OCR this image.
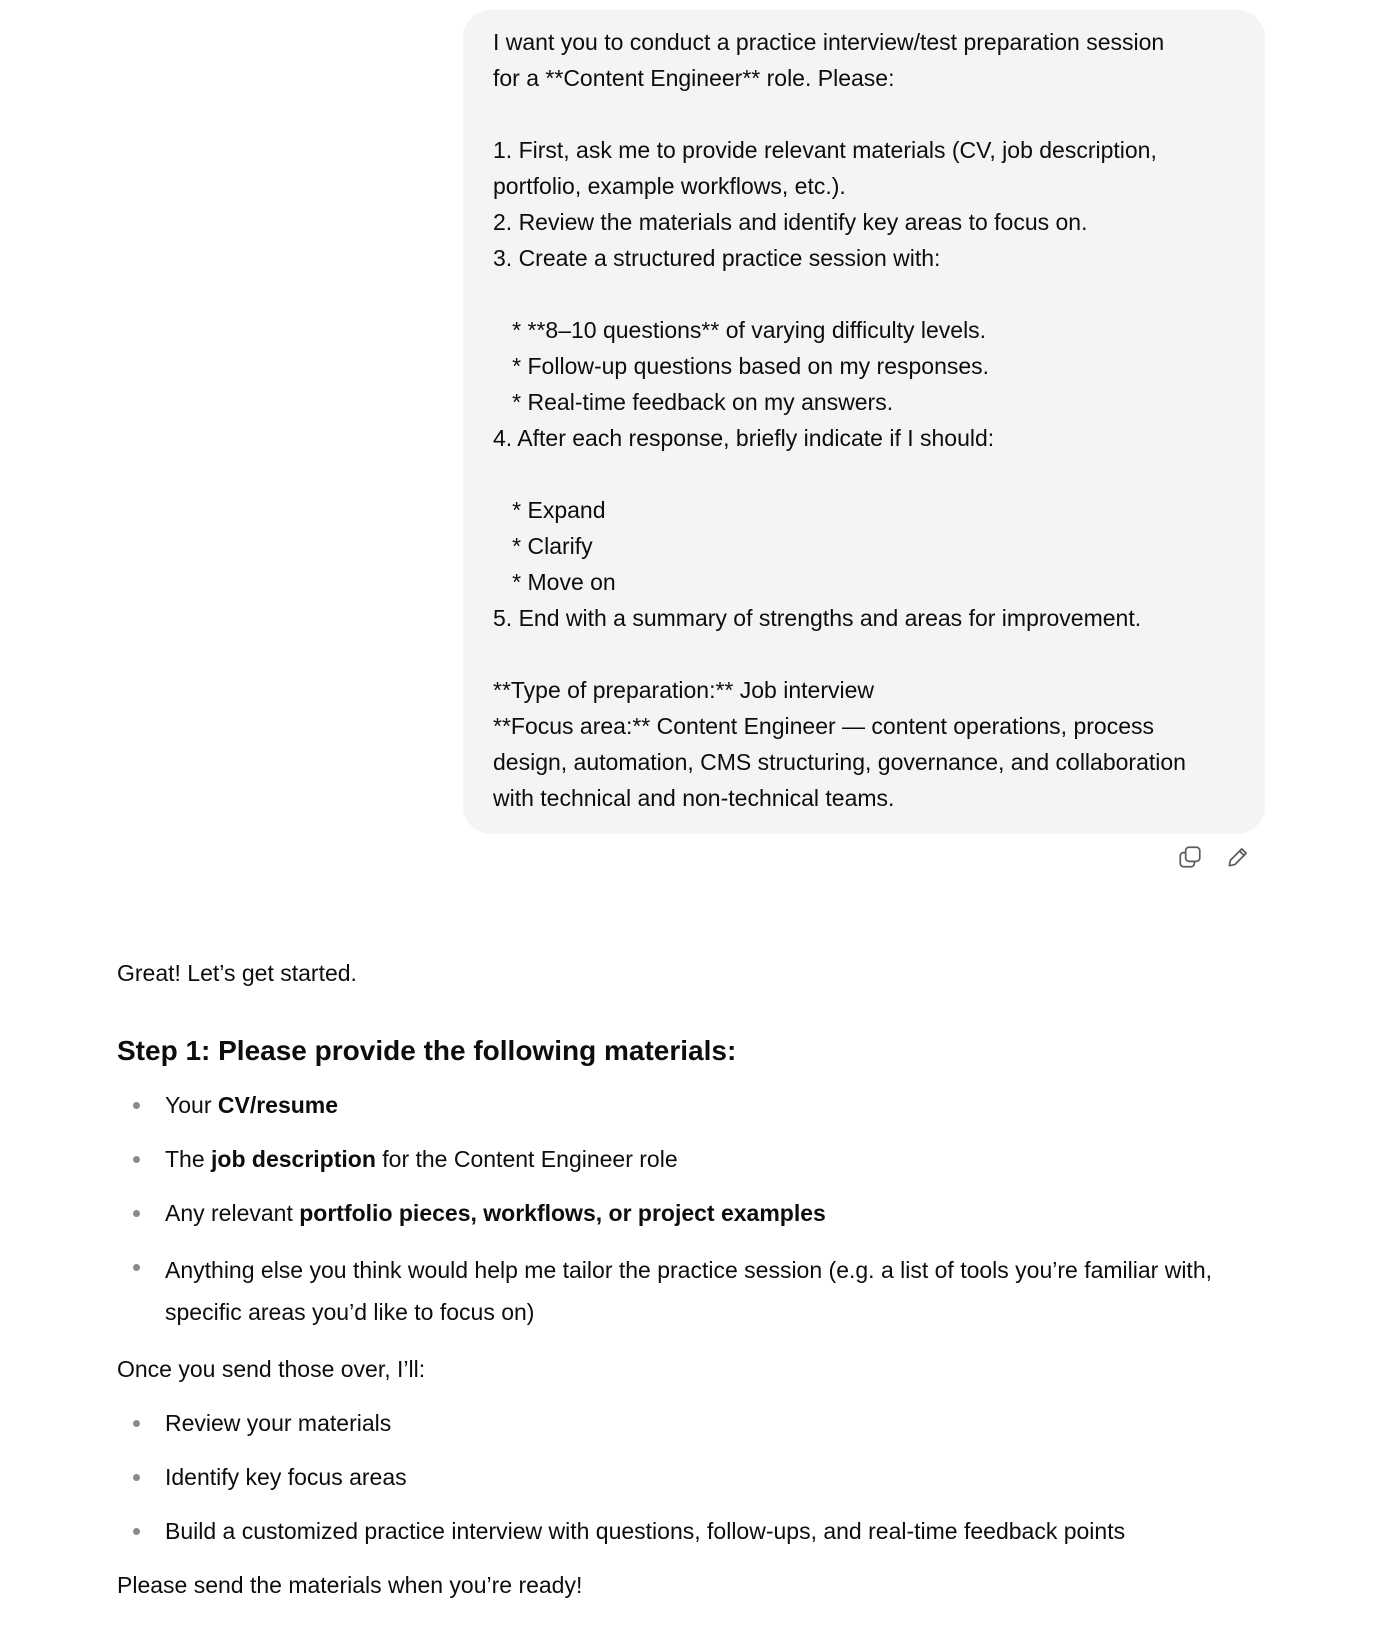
I want you to conduct a practice interview/test preparation session
for a **Content Engineer** role. Please:
1. First, ask me to provide relevant materials (CV, job description,
portfolio, example workflows, etc.).
2. Review the materials and identify key areas to focus on.
3. Create a structured practice session with:
* **8–10 questions** of varying difficulty levels.
* Follow-up questions based on my responses.
* Real-time feedback on my answers.
4. After each response, briefly indicate if I should:
* Expand
* Clarify
* Move on
5. End with a summary of strengths and areas for improvement.
**Type of preparation:** Job interview
**Focus area:** Content Engineer — content operations, process
design, automation, CMS structuring, governance, and collaboration
with technical and non-technical teams.

Great! Let’s get started.

Step 1: Please provide the following materials:
Your CV/resume
The job description for the Content Engineer role
Any relevant portfolio pieces, workflows, or project examples
Anything else you think would help me tailor the practice session (e.g. a list of tools you’re familiar with, specific areas you’d like to focus on)

Once you send those over, I’ll:

Review your materials
Identify key focus areas
Build a customized practice interview with questions, follow-ups, and real-time feedback points

Please send the materials when you’re ready!
